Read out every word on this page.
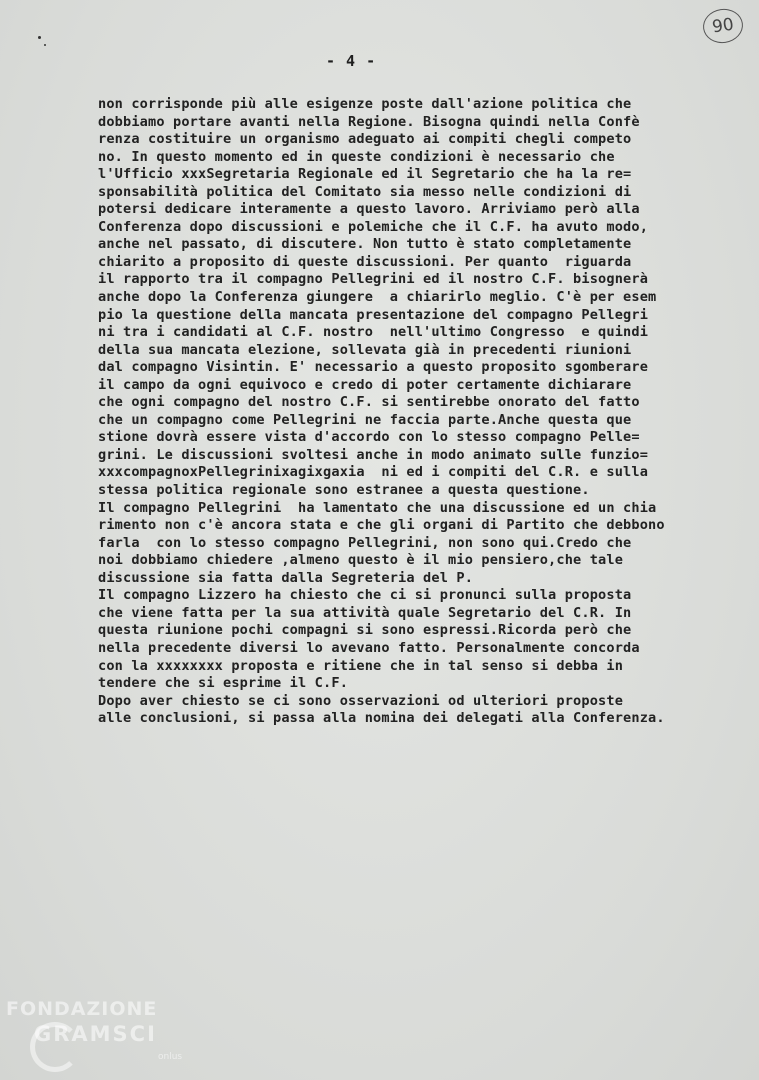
90
- 4 -
non corrisponde più alle esigenze poste dall'azione politica che
dobbiamo portare avanti nella Regione. Bisogna quindi nella Confè
renza costituire un organismo adeguato ai compiti chegli competo
no. In questo momento ed in queste condizioni è necessario che
l'Ufficio xxxSegretaria Regionale ed il Segretario che ha la re=
sponsabilità politica del Comitato sia messo nelle condizioni di
potersi dedicare interamente a questo lavoro. Arriviamo però alla
Conferenza dopo discussioni e polemiche che il C.F. ha avuto modo,
anche nel passato, di discutere. Non tutto è stato completamente
chiarito a proposito di queste discussioni. Per quanto  riguarda
il rapporto tra il compagno Pellegrini ed il nostro C.F. bisognerà
anche dopo la Conferenza giungere  a chiarirlo meglio. C'è per esem
pio la questione della mancata presentazione del compagno Pellegri
ni tra i candidati al C.F. nostro  nell'ultimo Congresso  e quindi
della sua mancata elezione, sollevata già in precedenti riunioni
dal compagno Visintin. E' necessario a questo proposito sgomberare
il campo da ogni equivoco e credo di poter certamente dichiarare
che ogni compagno del nostro C.F. si sentirebbe onorato del fatto
che un compagno come Pellegrini ne faccia parte.Anche questa que
stione dovrà essere vista d'accordo con lo stesso compagno Pelle=
grini. Le discussioni svoltesi anche in modo animato sulle funzio=
xxxcompagnoxPellegrinixagixgaxia  ni ed i compiti del C.R. e sulla
stessa politica regionale sono estranee a questa questione.
Il compagno Pellegrini  ha lamentato che una discussione ed un chia
rimento non c'è ancora stata e che gli organi di Partito che debbono
farla  con lo stesso compagno Pellegrini, non sono qui.Credo che
noi dobbiamo chiedere ,almeno questo è il mio pensiero,che tale
discussione sia fatta dalla Segreteria del P.
Il compagno Lizzero ha chiesto che ci si pronunci sulla proposta
che viene fatta per la sua attività quale Segretario del C.R. In
questa riunione pochi compagni si sono espressi.Ricorda però che
nella precedente diversi lo avevano fatto. Personalmente concorda
con la xxxxxxxx proposta e ritiene che in tal senso si debba in
tendere che si esprime il C.F.
Dopo aver chiesto se ci sono osservazioni od ulteriori proposte
alle conclusioni, si passa alla nomina dei delegati alla Conferenza.
FONDAZIONE
GRAMSCI
onlus
